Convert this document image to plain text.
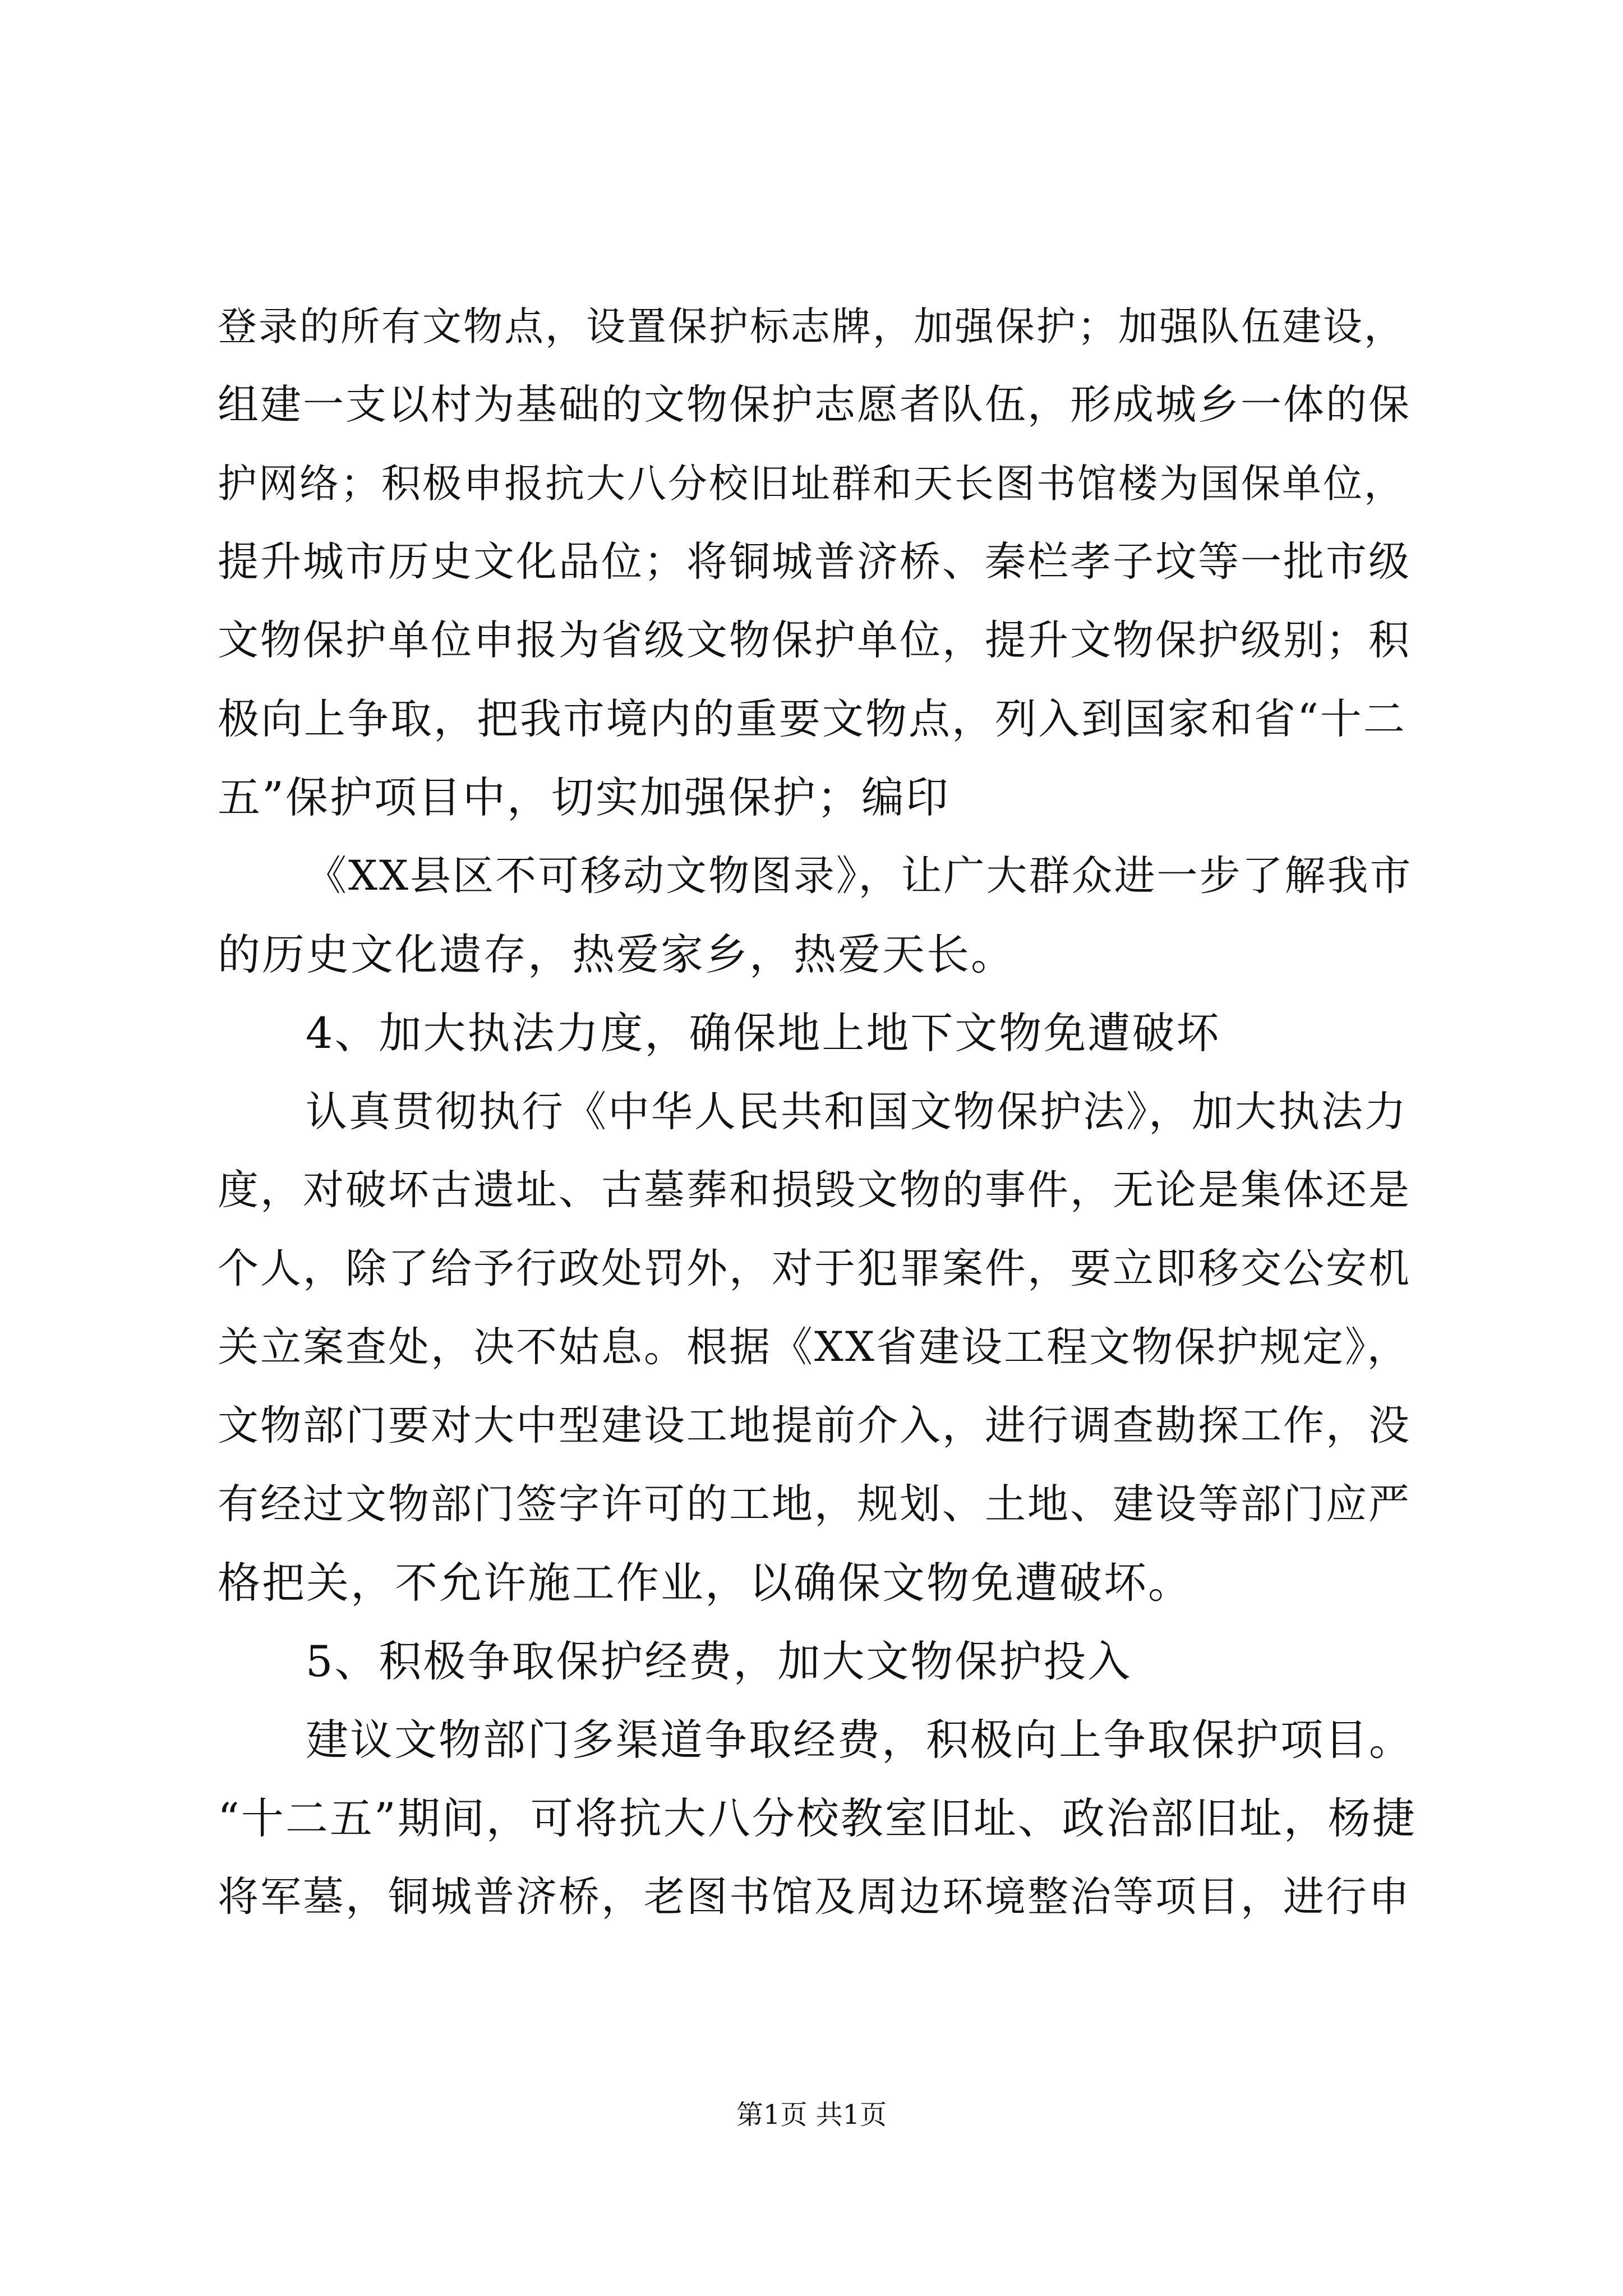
登录的所有文物点，设置保护标志牌，加强保护；加强队伍建设，
组建一支以村为基础的文物保护志愿者队伍，形成城乡一体的保
护网络；积极申报抗大八分校旧址群和天长图书馆楼为国保单位，
提升城市历史文化品位；将铜城普济桥、秦栏孝子坟等一批市级
文物保护单位申报为省级文物保护单位，提升文物保护级别；积
极向上争取，把我市境内的重要文物点，列入到国家和省“十二
五”保护项目中，切实加强保护；编印
《XX县区不可移动文物图录》，让广大群众进一步了解我市
的历史文化遗存，热爱家乡，热爱天长。
4、加大执法力度，确保地上地下文物免遭破坏
认真贯彻执行《中华人民共和国文物保护法》，加大执法力
度，对破坏古遗址、古墓葬和损毁文物的事件，无论是集体还是
个人，除了给予行政处罚外，对于犯罪案件，要立即移交公安机
关立案查处，决不姑息。根据《XX省建设工程文物保护规定》，
文物部门要对大中型建设工地提前介入，进行调查勘探工作，没
有经过文物部门签字许可的工地，规划、土地、建设等部门应严
格把关，不允许施工作业，以确保文物免遭破坏。
5、积极争取保护经费，加大文物保护投入
建议文物部门多渠道争取经费，积极向上争取保护项目。
“十二五”期间，可将抗大八分校教室旧址、政治部旧址，杨捷
将军墓，铜城普济桥，老图书馆及周边环境整治等项目，进行申
第1页 共1页
